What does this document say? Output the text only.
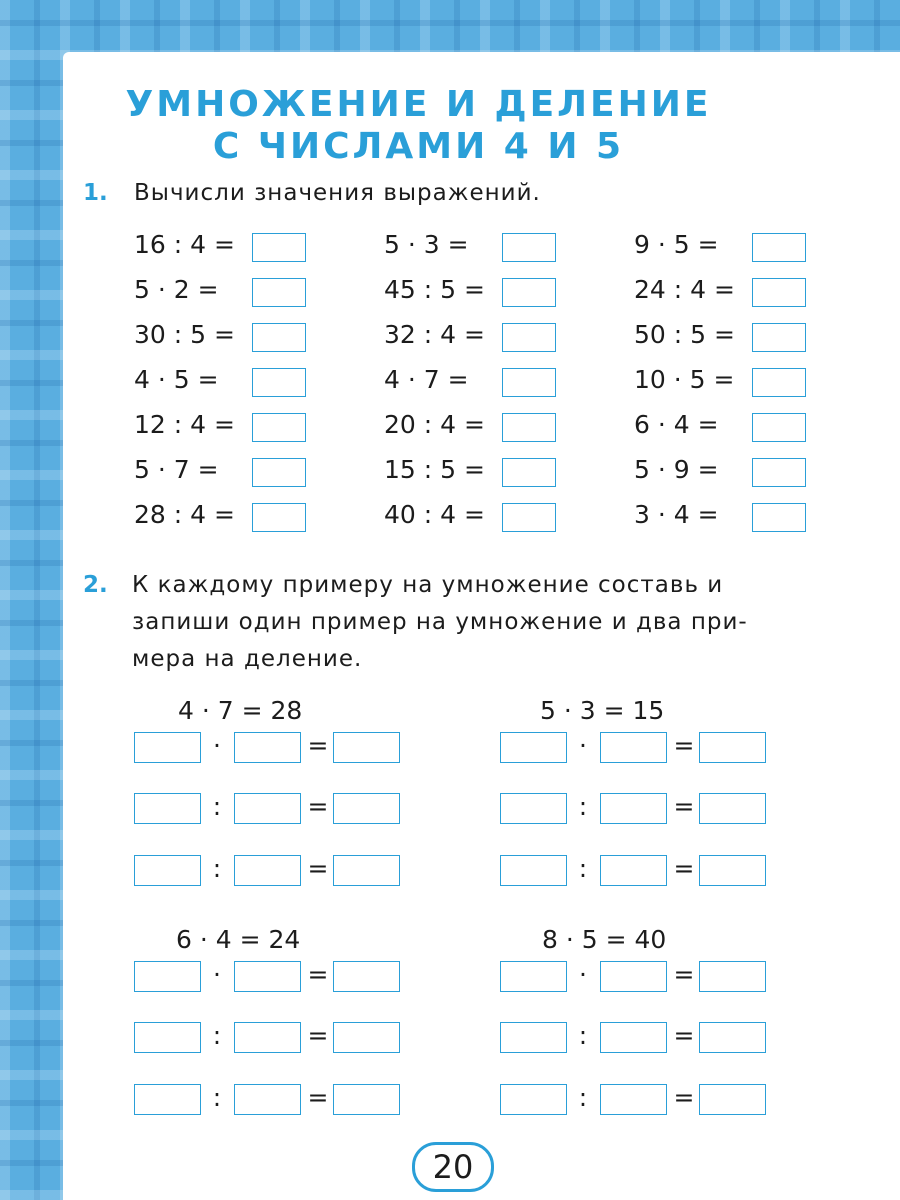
УМНОЖЕНИЕ И ДЕЛЕНИЕ
С ЧИСЛАМИ 4 И 5
1. Вычисли значения выражений.
16 : 4 =
5 · 2 =
30 : 5 =
4 · 5 =
12 : 4 =
5 · 7 =
28 : 4 =
5 · 3 =
45 : 5 =
32 : 4 =
4 · 7 =
20 : 4 =
15 : 5 =
40 : 4 =
9 · 5 =
24 : 4 =
50 : 5 =
10 · 5 =
6 · 4 =
5 · 9 =
3 · 4 =
2. К каждому примеру на умножение составь и
запиши один пример на умножение и два при-
мера на деление.
4 · 7 = 28
·	=
:	=
:	=
5 · 3 = 15
·	=
:	=
:	=
6 · 4 = 24
·	=
:	=
:	=
8 · 5 = 40
·	=
:	=
:	=
20
